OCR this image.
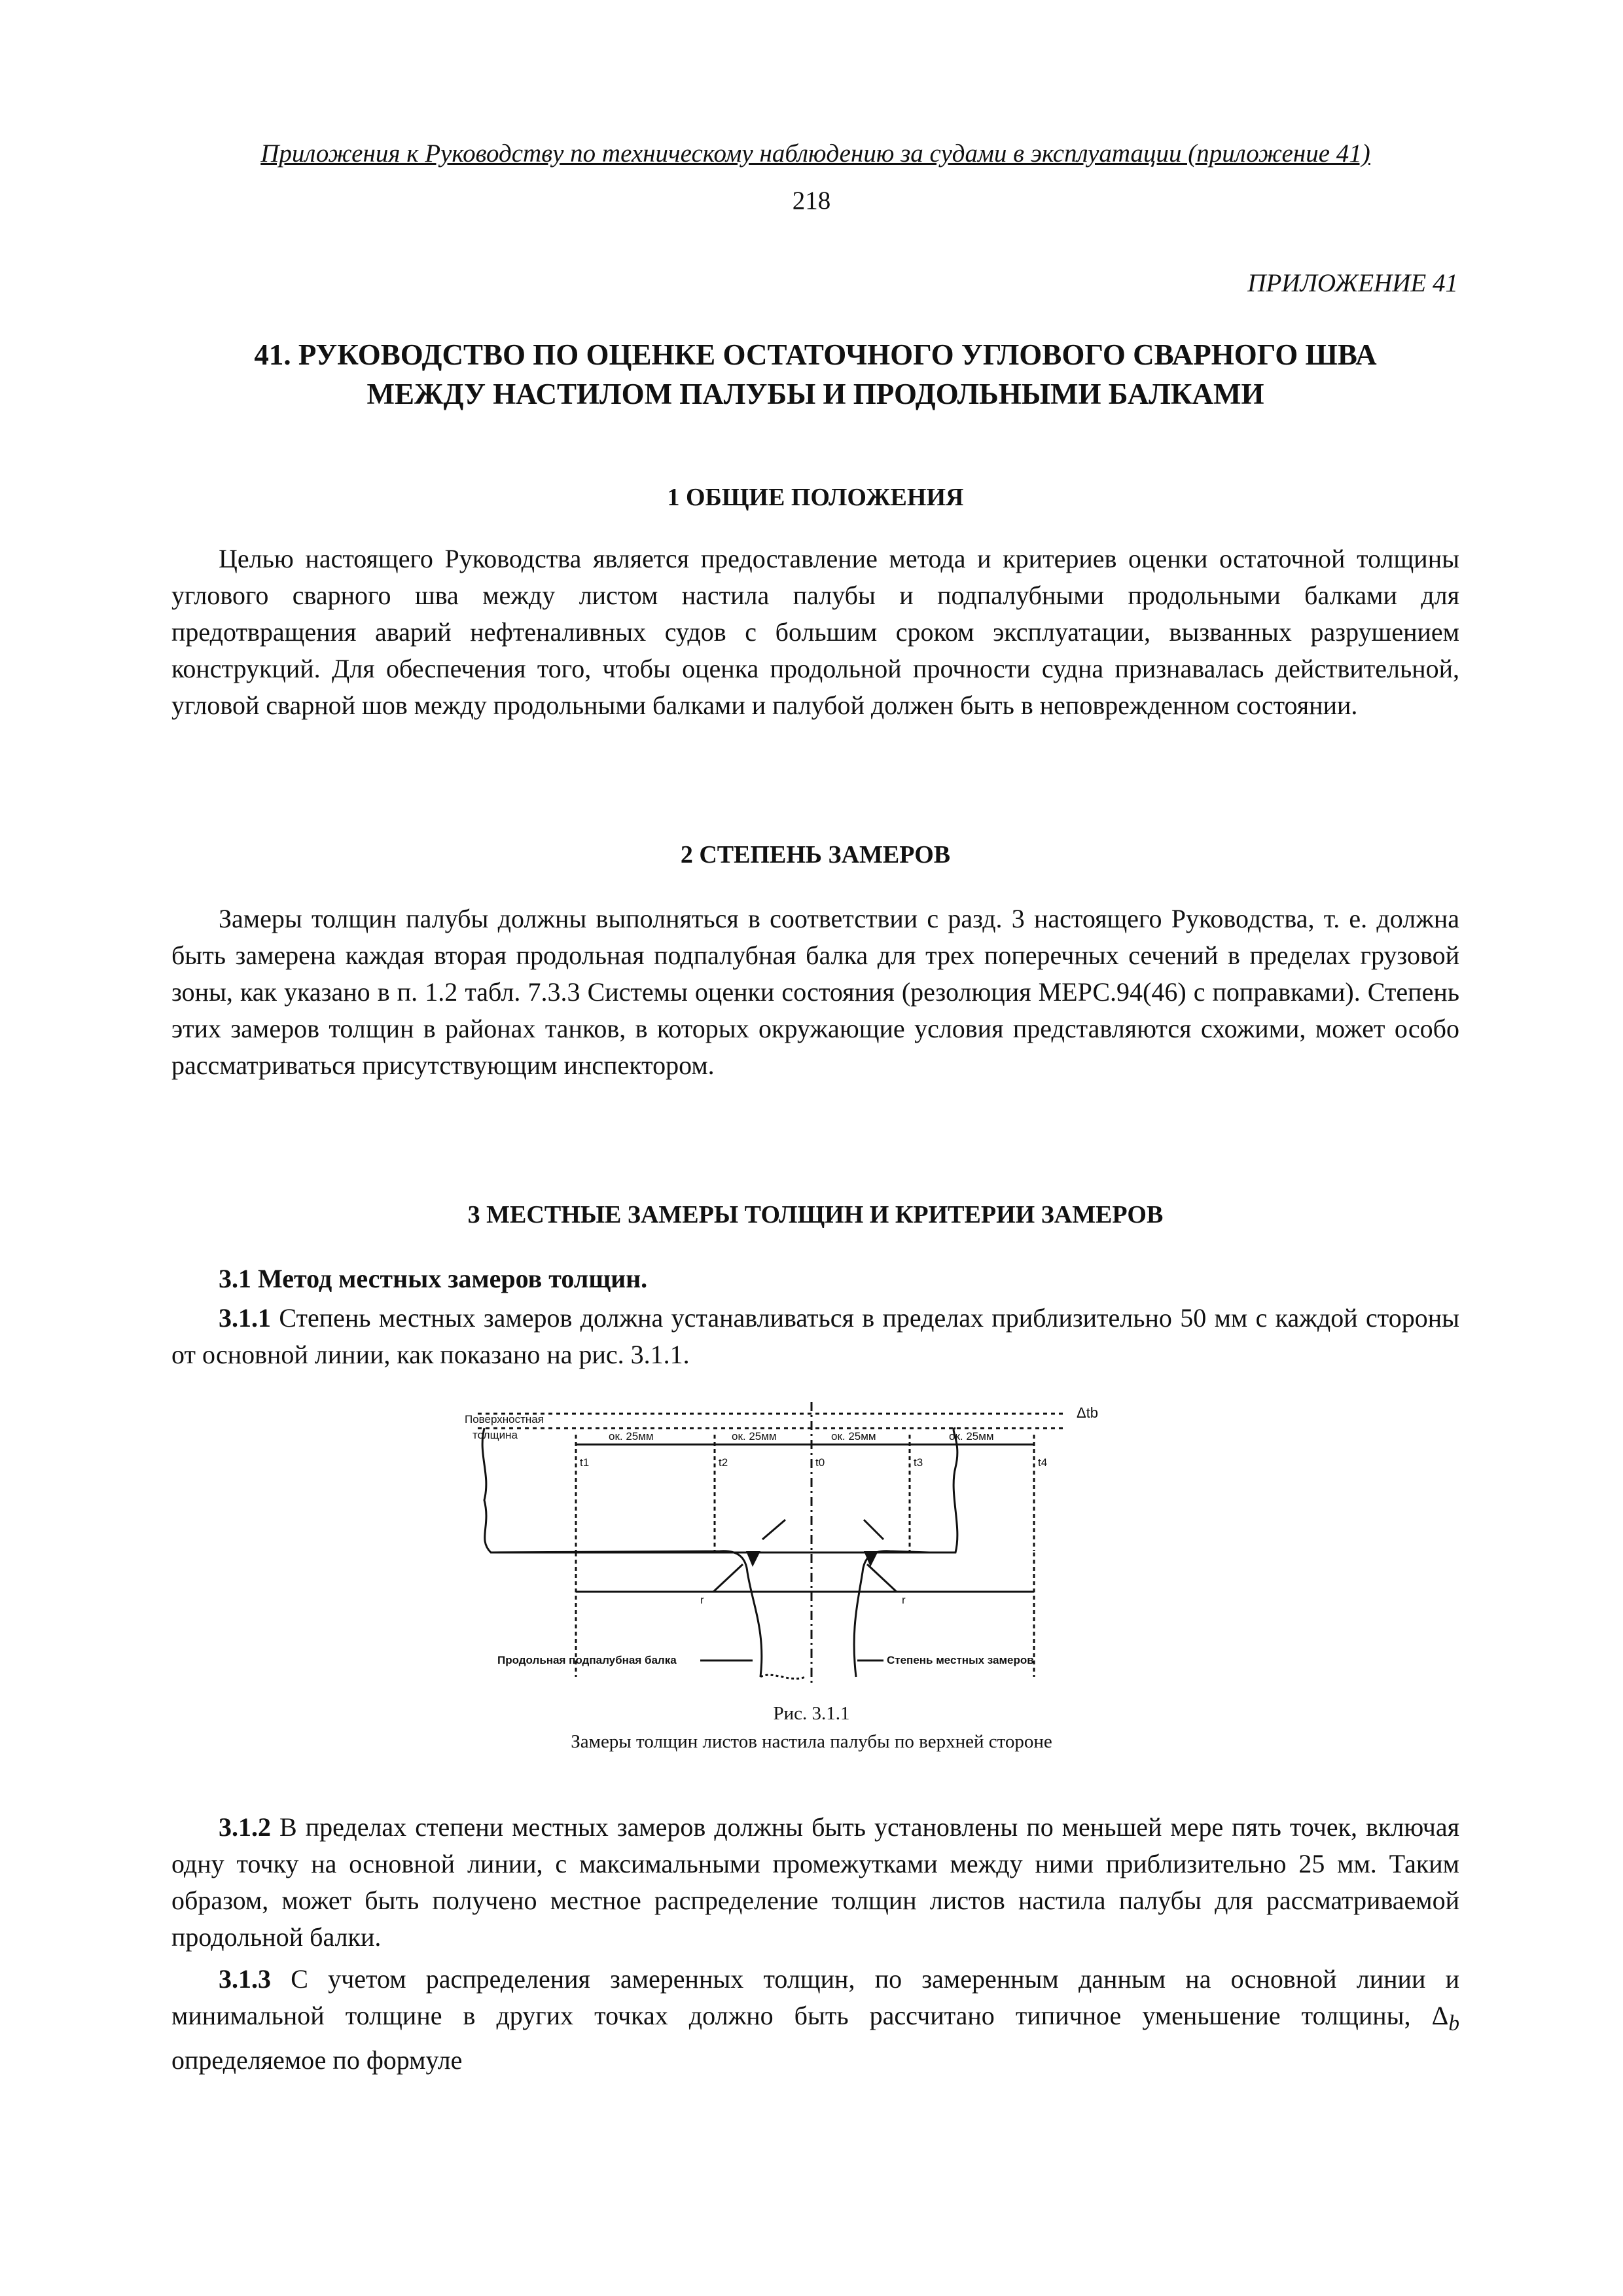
Приложения к Руководству по техническому наблюдению за судами в эксплуатации (приложение 41)
218
ПРИЛОЖЕНИЕ 41
41. РУКОВОДСТВО ПО ОЦЕНКЕ ОСТАТОЧНОГО УГЛОВОГО СВАРНОГО ШВА
МЕЖДУ НАСТИЛОМ ПАЛУБЫ И ПРОДОЛЬНЫМИ БАЛКАМИ
1 ОБЩИЕ ПОЛОЖЕНИЯ
Целью настоящего Руководства является предоставление метода и критериев оценки остаточной толщины углового сварного шва между листом настила палубы и подпалубными продольными балками для предотвращения аварий нефтеналивных судов с большим сроком эксплуатации, вызванных разрушением конструкций. Для обеспечения того, чтобы оценка продольной прочности судна признавалась действительной, угловой сварной шов между продольными балками и палубой должен быть в неповрежденном состоянии.
2 СТЕПЕНЬ ЗАМЕРОВ
Замеры толщин палубы должны выполняться в соответствии с разд. 3 настоящего Руководства, т. е. должна быть замерена каждая вторая продольная подпалубная балка для трех поперечных сечений в пределах грузовой зоны, как указано в п. 1.2 табл. 7.3.3 Системы оценки состояния (резолюция МЕРС.94(46) с поправками). Степень этих замеров толщин в районах танков, в которых окружающие условия представляются схожими, может особо рассматриваться присутствующим инспектором.
3 МЕСТНЫЕ ЗАМЕРЫ ТОЛЩИН И КРИТЕРИИ ЗАМЕРОВ
3.1 Метод местных замеров толщин.
3.1.1 Степень местных замеров должна устанавливаться в пределах приблизительно 50 мм с каждой стороны от основной линии, как показано на рис. 3.1.1.
Поверхностная
толщина	ок. 25мм	ок. 25мм	ок. 25мм	ок. 25мм
t1	t2	t0	t3	t4
r	r
Δtb
Продольная подпалубная балка	Степень местных замеров
Рис. 3.1.1
Замеры толщин листов настила палубы по верхней стороне
3.1.2 В пределах степени местных замеров должны быть установлены по меньшей мере пять точек, включая одну точку на основной линии, с максимальными промежутками между ними приблизительно 25 мм. Таким образом, может быть получено местное распределение толщин листов настила палубы для рассматриваемой продольной балки.
3.1.3 С учетом распределения замеренных толщин, по замеренным данным на основной линии и минимальной толщине в других точках должно быть рассчитано типичное уменьшение толщины, $\Delta_b$ определяемое по формуле
